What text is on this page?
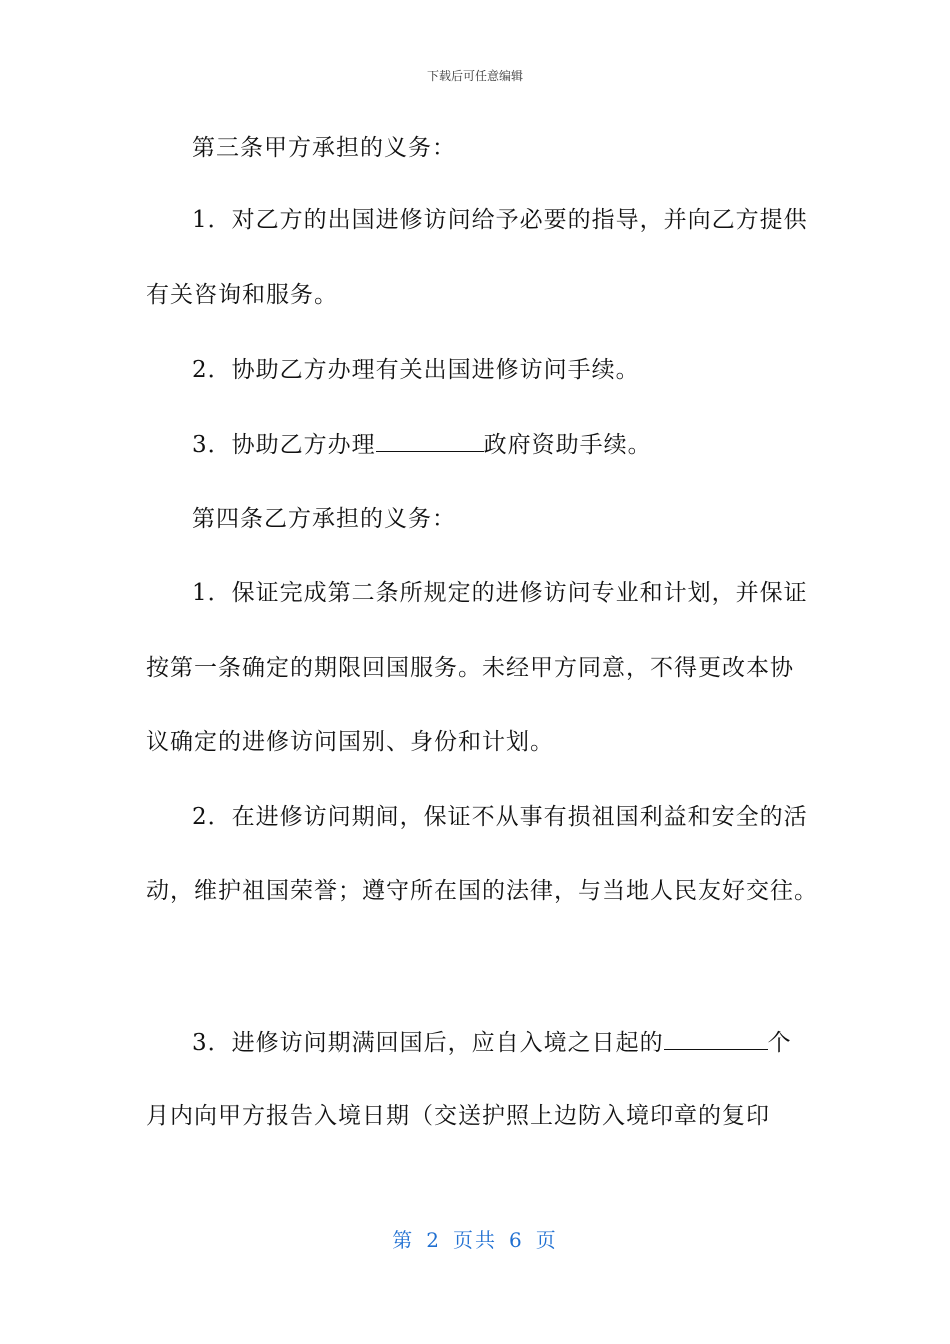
下载后可任意编辑
第三条甲方承担的义务：
1．对乙方的出国进修访问给予必要的指导，并向乙方提供
有关咨询和服务。
2．协助乙方办理有关出国进修访问手续。
3．协助乙方办理	政府资助手续。
第四条乙方承担的义务：
1．保证完成第二条所规定的进修访问专业和计划，并保证
按第一条确定的期限回国服务。未经甲方同意，不得更改本协
议确定的进修访问国别、身份和计划。
2．在进修访问期间，保证不从事有损祖国利益和安全的活
动，维护祖国荣誉；遵守所在国的法律，与当地人民友好交往。
3．进修访问期满回国后，应自入境之日起的	个
月内向甲方报告入境日期（交送护照上边防入境印章的复印
第 2 页共 6 页
